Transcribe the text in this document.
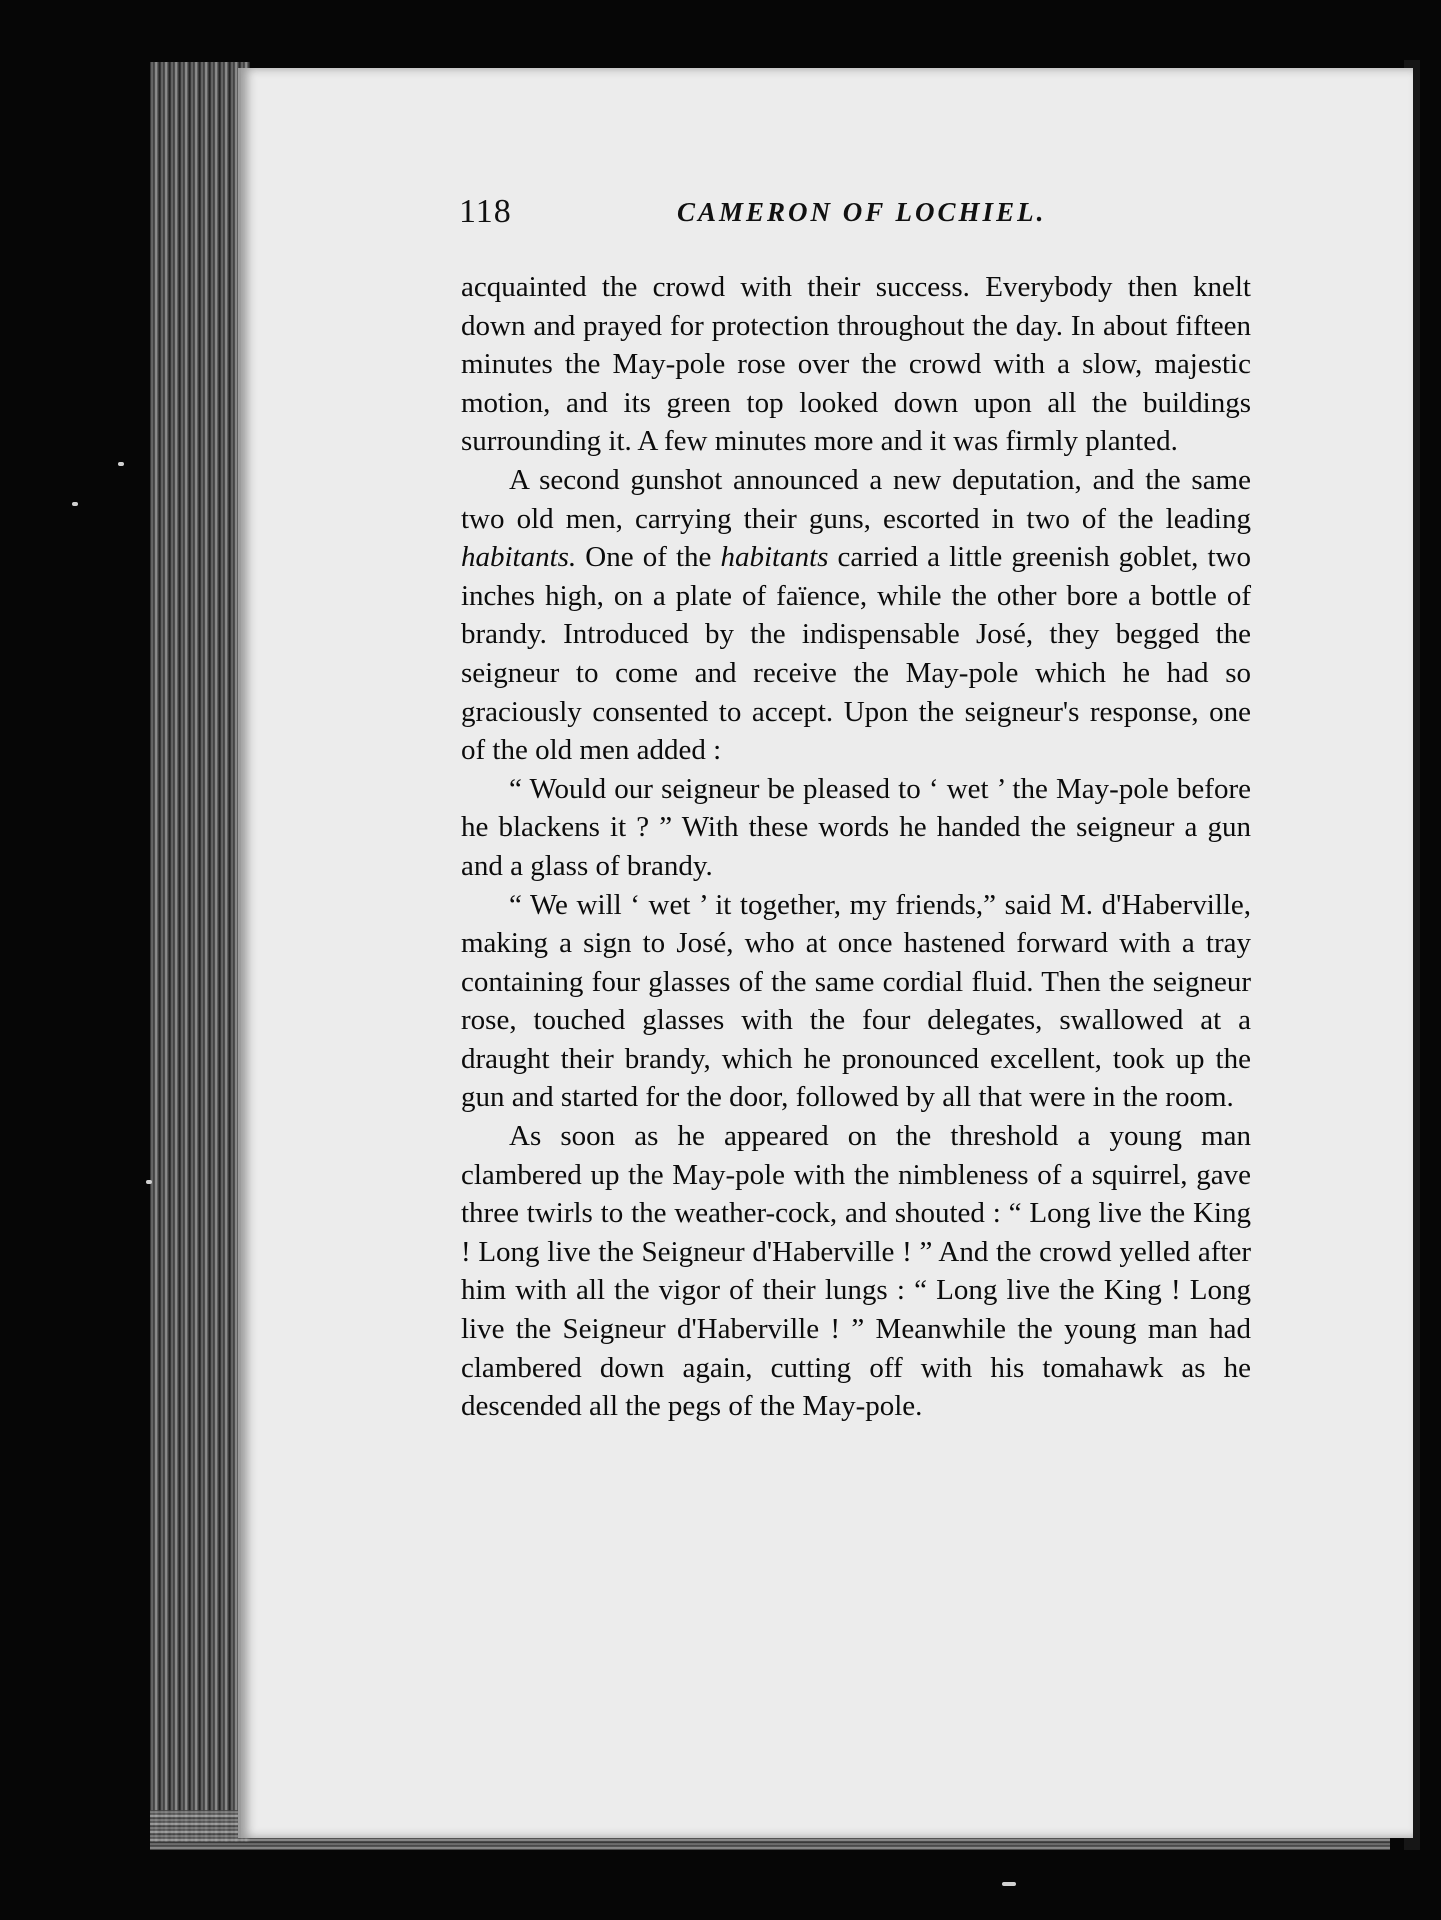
118	CAMERON OF LOCHIEL.

acquainted the crowd with their success. Everybody then knelt down and prayed for protection throughout the day. In about fifteen minutes the May-pole rose over the crowd with a slow, majestic motion, and its green top looked down upon all the buildings surrounding it. A few minutes more and it was firmly planted.

A second gunshot announced a new deputation, and the same two old men, carrying their guns, escorted in two of the leading habitants. One of the habitants carried a little greenish goblet, two inches high, on a plate of faïence, while the other bore a bottle of brandy. Introduced by the indispensable José, they begged the seigneur to come and receive the May-pole which he had so graciously consented to accept. Upon the seigneur's response, one of the old men added :

“ Would our seigneur be pleased to ‘ wet ’ the May-pole before he blackens it ? ” With these words he handed the seigneur a gun and a glass of brandy.

“ We will ‘ wet ’ it together, my friends,” said M. d'Haberville, making a sign to José, who at once hastened forward with a tray containing four glasses of the same cordial fluid. Then the seigneur rose, touched glasses with the four delegates, swallowed at a draught their brandy, which he pronounced excellent, took up the gun and started for the door, followed by all that were in the room.

As soon as he appeared on the threshold a young man clambered up the May-pole with the nimbleness of a squirrel, gave three twirls to the weather-cock, and shouted : “ Long live the King ! Long live the Seigneur d'Haberville ! ” And the crowd yelled after him with all the vigor of their lungs : “ Long live the King ! Long live the Seigneur d'Haberville ! ” Meanwhile the young man had clambered down again, cutting off with his tomahawk as he descended all the pegs of the May-pole.
